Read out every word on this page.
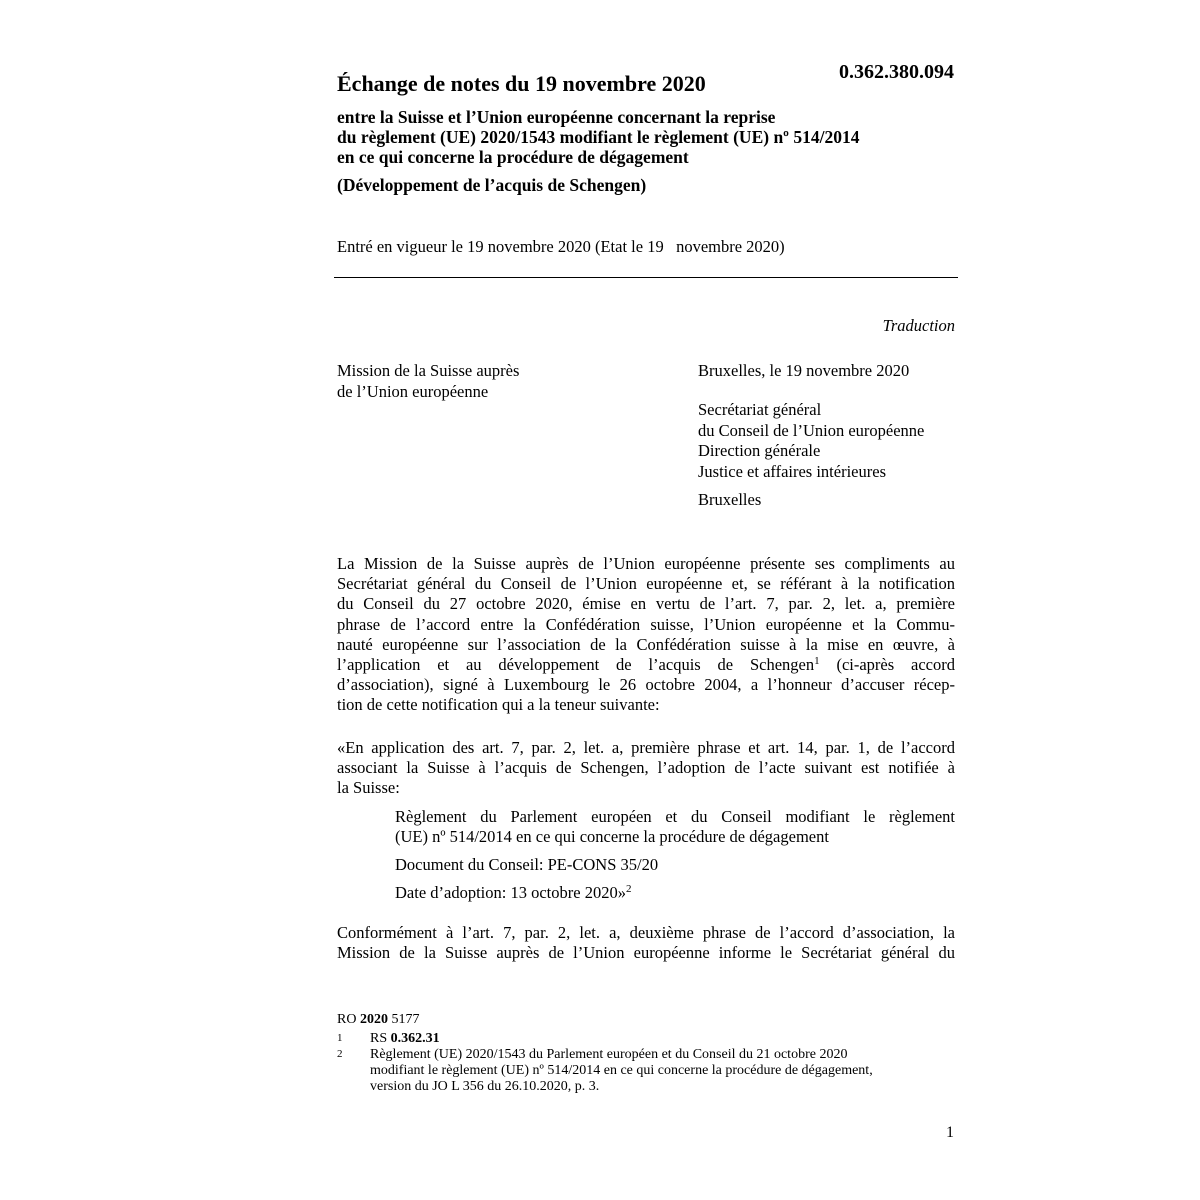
Échange de notes du 19 novembre 2020	0.362.380.094
entre la Suisse et l’Union européenne concernant la reprise
du règlement (UE) 2020/1543 modifiant le règlement (UE) nº 514/2014
en ce qui concerne la procédure de dégagement
(Développement de l’acquis de Schengen)
Entré en vigueur le 19 novembre 2020 (Etat le 19   novembre 2020)
Traduction
Mission de la Suisse auprès
de l’Union européenne
Bruxelles, le 19 novembre 2020
Secrétariat général
du Conseil de l’Union européenne
Direction générale
Justice et affaires intérieures
Bruxelles
La Mission de la Suisse auprès de l’Union européenne présente ses compliments au
Secrétariat général du Conseil de l’Union européenne et, se référant à la notification
du Conseil du 27 octobre 2020, émise en vertu de l’art. 7, par. 2, let. a, première
phrase de l’accord entre la Confédération suisse, l’Union européenne et la Commu-
nauté européenne sur l’association de la Confédération suisse à la mise en œuvre, à
l’application et au développement de l’acquis de Schengen$^1$ (ci-après accord
d’association), signé à Luxembourg le 26 octobre 2004, a l’honneur d’accuser récep-
tion de cette notification qui a la teneur suivante:
«En application des art. 7, par. 2, let. a, première phrase et art. 14, par. 1, de l’accord
associant la Suisse à l’acquis de Schengen, l’adoption de l’acte suivant est notifiée à
la Suisse:
Règlement du Parlement européen et du Conseil modifiant le règlement
(UE) nº 514/2014 en ce qui concerne la procédure de dégagement
Document du Conseil: PE-CONS 35/20
Date d’adoption: 13 octobre 2020»$^2$
Conformément à l’art. 7, par. 2, let. a, deuxième phrase de l’accord d’association, la
Mission de la Suisse auprès de l’Union européenne informe le Secrétariat général du
RO 2020 5177
1 RS 0.362.31
2 Règlement (UE) 2020/1543 du Parlement européen et du Conseil du 21 octobre 2020
modifiant le règlement (UE) nº 514/2014 en ce qui concerne la procédure de dégagement,
version du JO L 356 du 26.10.2020, p. 3.
1
